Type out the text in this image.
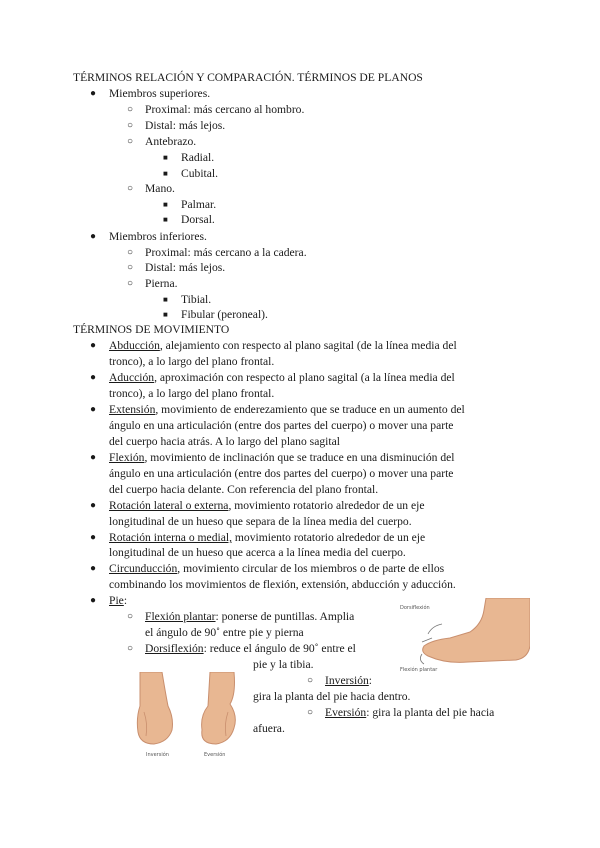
TÉRMINOS RELACIÓN Y COMPARACIÓN. TÉRMINOS DE PLANOS
● Miembros superiores.
○ Proximal: más cercano al hombro.
○ Distal: más lejos.
○ Antebrazo.
■ Radial.
■ Cubital.
○ Mano.
■ Palmar.
■ Dorsal.
● Miembros inferiores.
○ Proximal: más cercano a la cadera.
○ Distal: más lejos.
○ Pierna.
■ Tibial.
■ Fibular (peroneal).
TÉRMINOS DE MOVIMIENTO
● Abducción, alejamiento con respecto al plano sagital (de la línea media del
tronco), a lo largo del plano frontal.
● Aducción, aproximación con respecto al plano sagital (a la línea media del
tronco), a lo largo del plano frontal.
● Extensión, movimiento de enderezamiento que se traduce en un aumento del
ángulo en una articulación (entre dos partes del cuerpo) o mover una parte
del cuerpo hacia atrás. A lo largo del plano sagital
● Flexión, movimiento de inclinación que se traduce en una disminución del
ángulo en una articulación (entre dos partes del cuerpo) o mover una parte
del cuerpo hacia delante. Con referencia del plano frontal.
● Rotación lateral o externa, movimiento rotatorio alrededor de un eje
longitudinal de un hueso que separa de la línea media del cuerpo.
● Rotación interna o medial, movimiento rotatorio alrededor de un eje
longitudinal de un hueso que acerca a la línea media del cuerpo.
● Circunducción, movimiento circular de los miembros o de parte de ellos
combinando los movimientos de flexión, extensión, abducción y aducción.
● Pie:
○ Flexión plantar: ponerse de puntillas. Amplia
el ángulo de 90˚ entre pie y pierna
○ Dorsiflexión: reduce el ángulo de 90˚ entre el
pie y la tibia.
○ Inversión:
gira la planta del pie hacia dentro.
○ Eversión: gira la planta del pie hacia
afuera.
Dorsiflexión
Flexión plantar
Inversión	Eversión
